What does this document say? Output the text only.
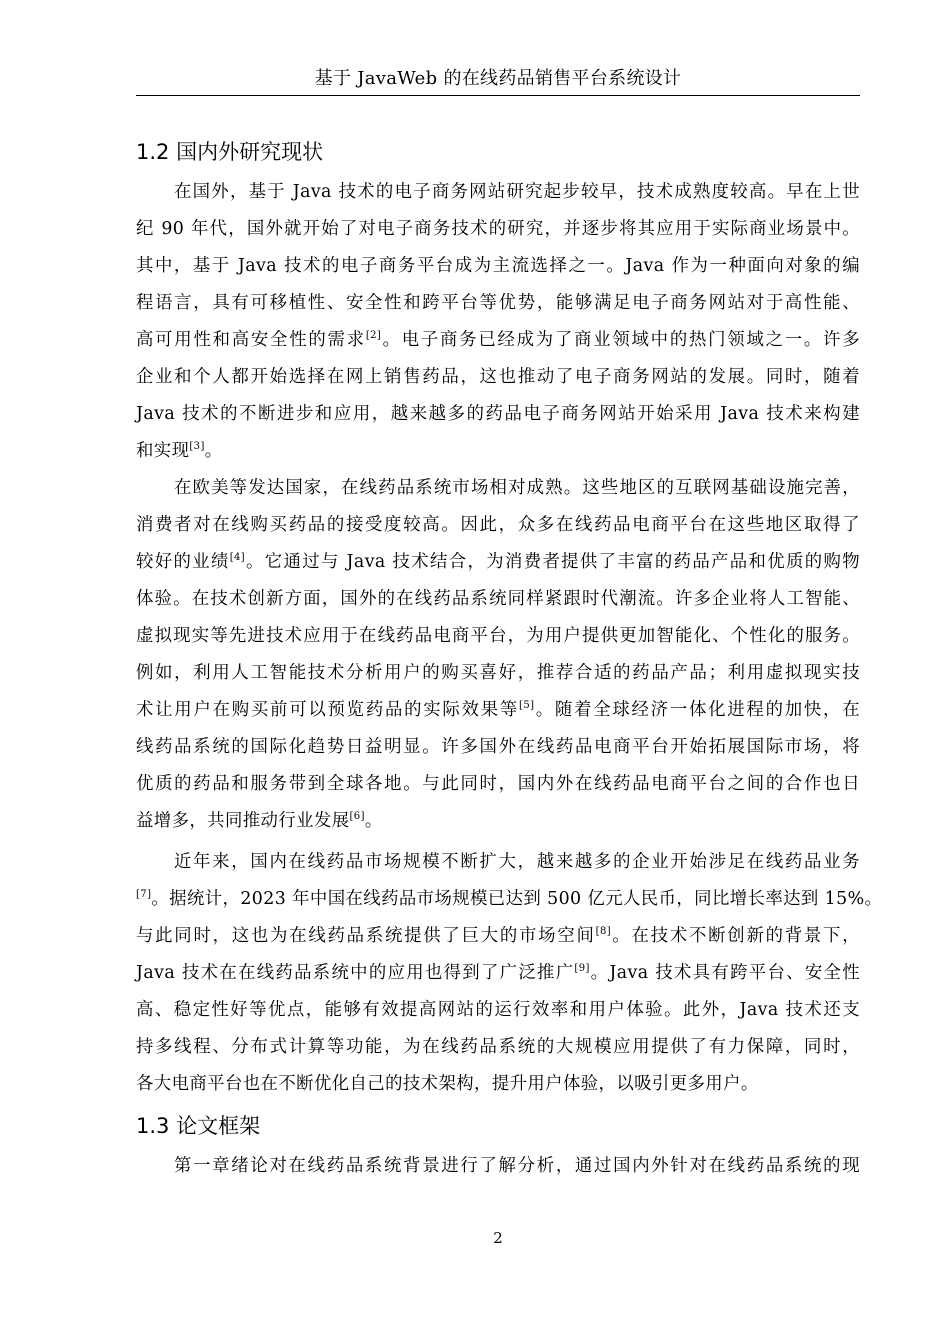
基于 JavaWeb 的在线药品销售平台系统设计
1.2 国内外研究现状
在国外，基于 Java 技术的电子商务网站研究起步较早，技术成熟度较高。早在上世
纪 90 年代，国外就开始了对电子商务技术的研究，并逐步将其应用于实际商业场景中。
其中，基于 Java 技术的电子商务平台成为主流选择之一。Java 作为一种面向对象的编
程语言，具有可移植性、安全性和跨平台等优势，能够满足电子商务网站对于高性能、
高可用性和高安全性的需求[2]。电子商务已经成为了商业领域中的热门领域之一。许多
企业和个人都开始选择在网上销售药品，这也推动了电子商务网站的发展。同时，随着
Java 技术的不断进步和应用，越来越多的药品电子商务网站开始采用 Java 技术来构建
和实现[3]。
在欧美等发达国家，在线药品系统市场相对成熟。这些地区的互联网基础设施完善，
消费者对在线购买药品的接受度较高。因此，众多在线药品电商平台在这些地区取得了
较好的业绩[4]。它通过与 Java 技术结合，为消费者提供了丰富的药品产品和优质的购物
体验。在技术创新方面，国外的在线药品系统同样紧跟时代潮流。许多企业将人工智能、
虚拟现实等先进技术应用于在线药品电商平台，为用户提供更加智能化、个性化的服务。
例如，利用人工智能技术分析用户的购买喜好，推荐合适的药品产品；利用虚拟现实技
术让用户在购买前可以预览药品的实际效果等[5]。随着全球经济一体化进程的加快，在
线药品系统的国际化趋势日益明显。许多国外在线药品电商平台开始拓展国际市场，将
优质的药品和服务带到全球各地。与此同时，国内外在线药品电商平台之间的合作也日
益增多，共同推动行业发展[6]。
近年来，国内在线药品市场规模不断扩大，越来越多的企业开始涉足在线药品业务
[7]。据统计，2023 年中国在线药品市场规模已达到 500 亿元人民币，同比增长率达到 15%。
与此同时，这也为在线药品系统提供了巨大的市场空间[8]。在技术不断创新的背景下，
Java 技术在在线药品系统中的应用也得到了广泛推广[9]。Java 技术具有跨平台、安全性
高、稳定性好等优点，能够有效提高网站的运行效率和用户体验。此外，Java 技术还支
持多线程、分布式计算等功能，为在线药品系统的大规模应用提供了有力保障，同时，
各大电商平台也在不断优化自己的技术架构，提升用户体验，以吸引更多用户。
1.3 论文框架
第一章绪论对在线药品系统背景进行了解分析，通过国内外针对在线药品系统的现
2
